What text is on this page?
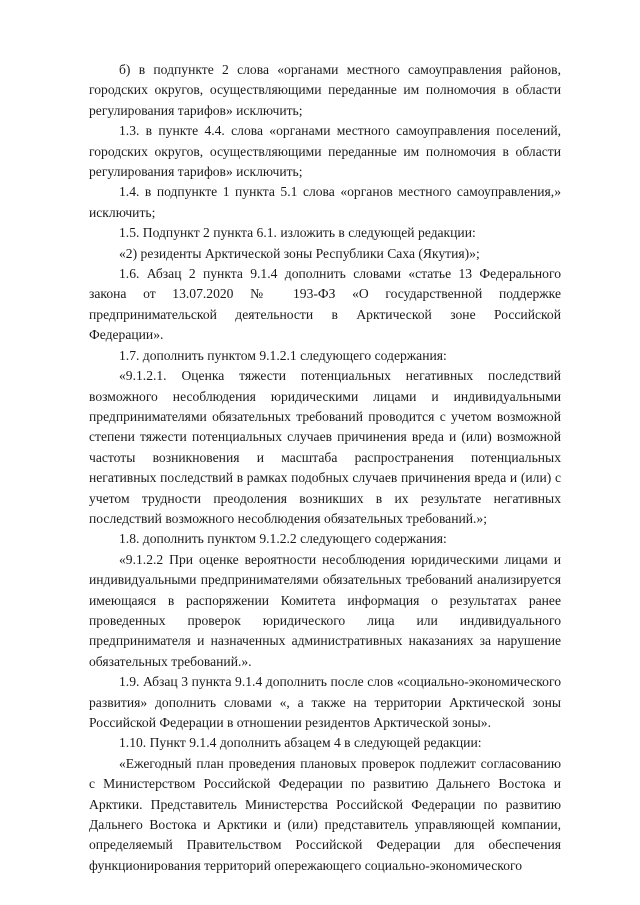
б) в подпункте 2 слова «органами местного самоуправления районов, городских округов, осуществляющими переданные им полномочия в области регулирования тарифов» исключить;

1.3. в пункте 4.4. слова «органами местного самоуправления поселений, городских округов, осуществляющими переданные им полномочия в области регулирования тарифов» исключить;

1.4. в подпункте 1 пункта 5.1 слова «органов местного самоуправления,» исключить;

1.5. Подпункт 2 пункта 6.1. изложить в следующей редакции:

«2) резиденты Арктической зоны Республики Саха (Якутия)»;

1.6. Абзац 2 пункта 9.1.4 дополнить словами «статье 13 Федерального закона от 13.07.2020 № 193-ФЗ «О государственной поддержке предпринимательской деятельности в Арктической зоне Российской Федерации».

1.7. дополнить пунктом 9.1.2.1 следующего содержания:

«9.1.2.1. Оценка тяжести потенциальных негативных последствий возможного несоблюдения юридическими лицами и индивидуальными предпринимателями обязательных требований проводится с учетом возможной степени тяжести потенциальных случаев причинения вреда и (или) возможной частоты возникновения и масштаба распространения потенциальных негативных последствий в рамках подобных случаев причинения вреда и (или) с учетом трудности преодоления возникших в их результате негативных последствий возможного несоблюдения обязательных требований.»;

1.8. дополнить пунктом 9.1.2.2 следующего содержания:

«9.1.2.2 При оценке вероятности несоблюдения юридическими лицами и индивидуальными предпринимателями обязательных требований анализируется имеющаяся в распоряжении Комитета информация о результатах ранее проведенных проверок юридического лица или индивидуального предпринимателя и назначенных административных наказаниях за нарушение обязательных требований.».

1.9. Абзац 3 пункта 9.1.4 дополнить после слов «социально-экономического развития» дополнить словами «, а также на территории Арктической зоны Российской Федерации в отношении резидентов Арктической зоны».

1.10. Пункт 9.1.4 дополнить абзацем 4 в следующей редакции:

«Ежегодный план проведения плановых проверок подлежит согласованию с Министерством Российской Федерации по развитию Дальнего Востока и Арктики. Представитель Министерства Российской Федерации по развитию Дальнего Востока и Арктики и (или) представитель управляющей компании, определяемый Правительством Российской Федерации для обеспечения функционирования территорий опережающего социально-экономического
